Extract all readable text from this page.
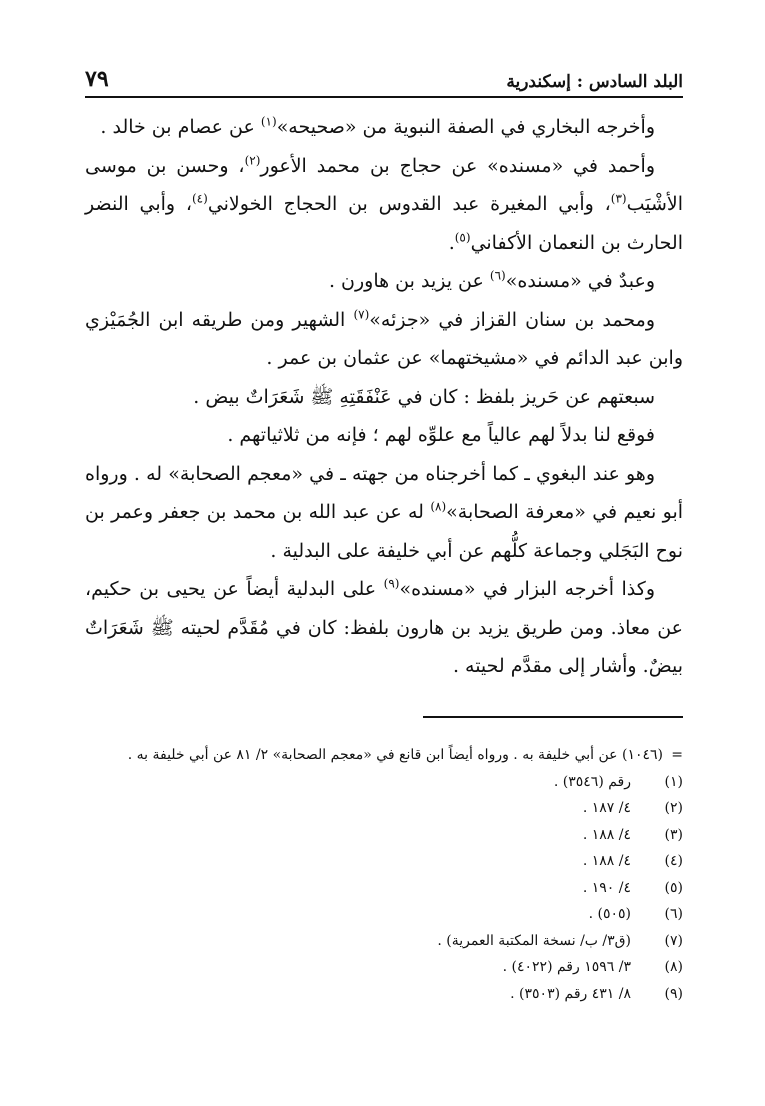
البلد السادس : إسكندرية
٧٩

وأخرجه البخاري في الصفة النبوية من «صحيحه»$^{(١)}$ عن عصام بن خالد .

وأحمد في «مسنده» عن حجاج بن محمد الأعور$^{(٢)}$، وحسن بن موسى الأشْيَب$^{(٣)}$، وأبي المغيرة عبد القدوس بن الحجاج الخولاني$^{(٤)}$، وأبي النضر الحارث بن النعمان الأكفاني$^{(٥)}$.

وعبدٌ في «مسنده»$^{(٦)}$ عن يزيد بن هاورن .

ومحمد بن سنان القزاز في «جزئه»$^{(٧)}$ الشهير ومن طريقه ابن الجُمَيْزي وابن عبد الدائم في «مشيختهما» عن عثمان بن عمر .

سبعتهم عن حَريز بلفظ : كان في عَنْفَقَتِهِ ﷺ شَعَرَاتٌ بيض .

فوقع لنا بدلاً لهم عالياً مع علوِّه لهم ؛ فإنه من ثلاثياتهم .

وهو عند البغوي ـ كما أخرجناه من جهته ـ في «معجم الصحابة» له . ورواه أبو نعيم في «معرفة الصحابة»$^{(٨)}$ له عن عبد الله بن محمد بن جعفر وعمر بن نوح البَجَلي وجماعة كلُّهم عن أبي خليفة على البدلية .

وكذا أخرجه البزار في «مسنده»$^{(٩)}$ على البدلية أيضاً عن يحيى بن حكيم، عن معاذ. ومن طريق يزيد بن هارون بلفظ: كان في مُقَدَّم لحيته ﷺ شَعَرَاتٌ بيضٌ. وأشار إلى مقدَّم لحيته .

=
(١٠٤٦) عن أبي خليفة به . ورواه أيضاً ابن قانع في «معجم الصحابة» ٢/ ٨١ عن أبي خليفة به .
(١)
رقم (٣٥٤٦) .
(٢)
٤/ ١٨٧ .
(٣)
٤/ ١٨٨ .
(٤)
٤/ ١٨٨ .
(٥)
٤/ ١٩٠ .
(٦)
(٥٠٥) .
(٧)
(ق٣/ ب/ نسخة المكتبة العمرية) .
(٨)
٣/ ١٥٩٦ رقم (٤٠٢٢) .
(٩)
٨/ ٤٣١ رقم (٣٥٠٣) .
